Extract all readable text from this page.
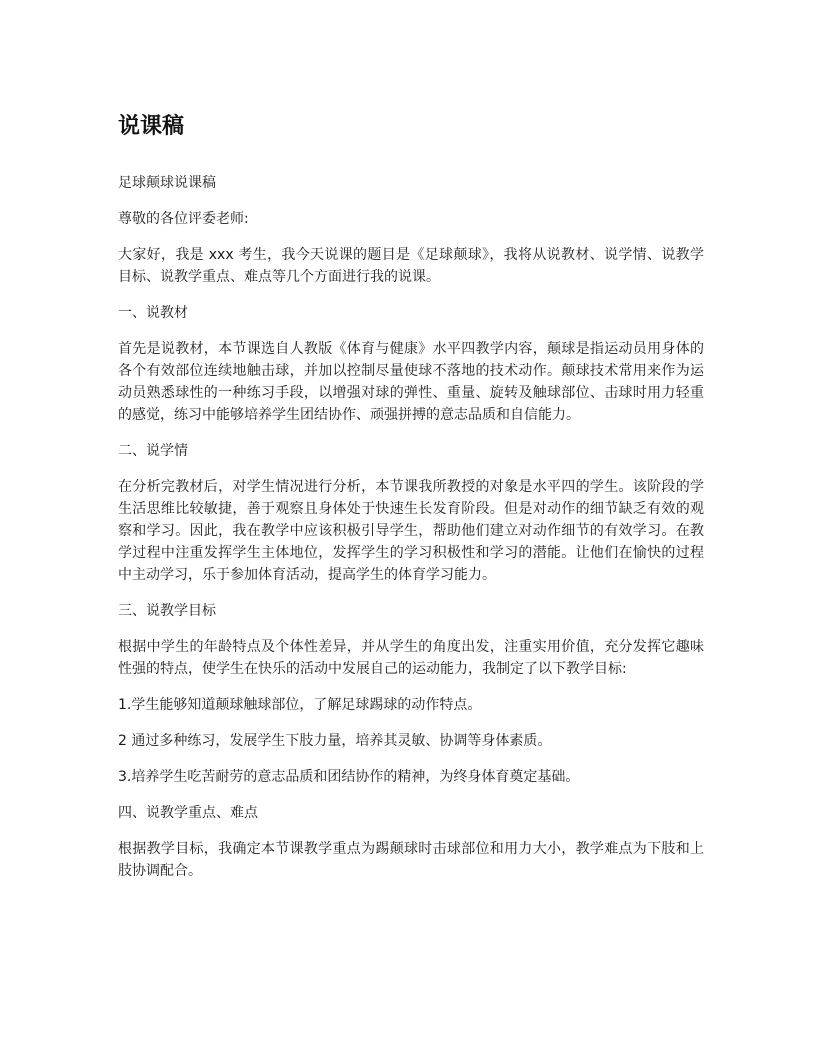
说课稿

足球颠球说课稿

尊敬的各位评委老师:

大家好，我是 xxx 考生，我今天说课的题目是《足球颠球》，我将从说教材、说学情、说教学目标、说教学重点、难点等几个方面进行我的说课。

一、说教材

首先是说教材，本节课选自人教版《体育与健康》水平四教学内容，颠球是指运动员用身体的各个有效部位连续地触击球，并加以控制尽量使球不落地的技术动作。颠球技术常用来作为运动员熟悉球性的一种练习手段，以增强对球的弹性、重量、旋转及触球部位、击球时用力轻重的感觉，练习中能够培养学生团结协作、顽强拼搏的意志品质和自信能力。

二、说学情

在分析完教材后，对学生情况进行分析，本节课我所教授的对象是水平四的学生。该阶段的学生活思维比较敏捷，善于观察且身体处于快速生长发育阶段。但是对动作的细节缺乏有效的观察和学习。因此，我在教学中应该积极引导学生，帮助他们建立对动作细节的有效学习。在教学过程中注重发挥学生主体地位，发挥学生的学习积极性和学习的潜能。让他们在愉快的过程中主动学习，乐于参加体育活动，提高学生的体育学习能力。

三、说教学目标

根据中学生的年龄特点及个体性差异，并从学生的角度出发，注重实用价值，充分发挥它趣味性强的特点，使学生在快乐的活动中发展自己的运动能力，我制定了以下教学目标:

1.学生能够知道颠球触球部位，了解足球踢球的动作特点。

2 通过多种练习，发展学生下肢力量，培养其灵敏、协调等身体素质。

3.培养学生吃苦耐劳的意志品质和团结协作的精神，为终身体育奠定基础。

四、说教学重点、难点

根据教学目标，我确定本节课教学重点为踢颠球时击球部位和用力大小，教学难点为下肢和上肢协调配合。
